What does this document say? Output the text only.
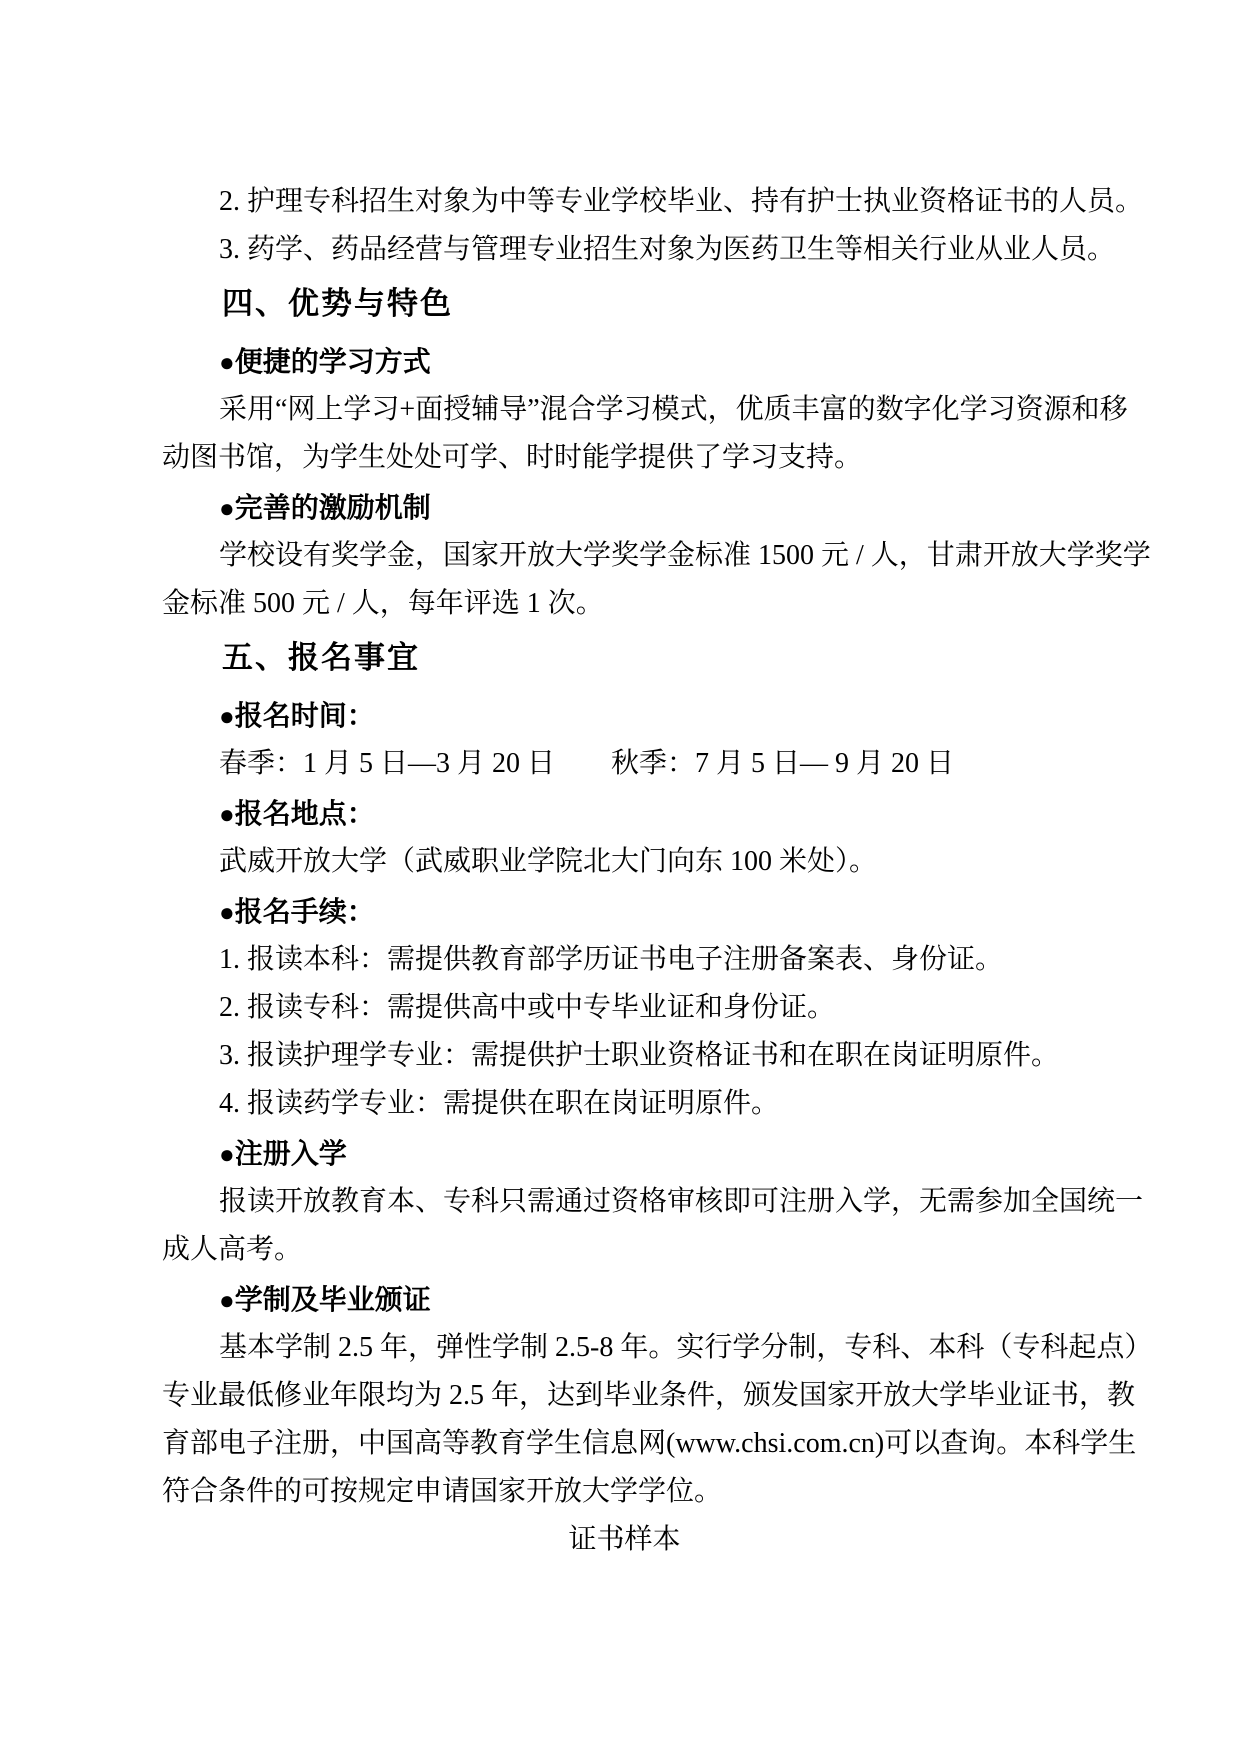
2. 护理专科招生对象为中等专业学校毕业、持有护士执业资格证书的人员。
3. 药学、药品经营与管理专业招生对象为医药卫生等相关行业从业人员。
四、优势与特色
●便捷的学习方式
采用“网上学习+面授辅导”混合学习模式，优质丰富的数字化学习资源和移
动图书馆，为学生处处可学、时时能学提供了学习支持。
●完善的激励机制
学校设有奖学金，国家开放大学奖学金标准 1500 元 / 人，甘肃开放大学奖学
金标准 500 元 / 人，每年评选 1 次。
五、报名事宜
●报名时间：
春季：1 月 5 日—3 月 20 日　　秋季：7 月 5 日— 9 月 20 日
●报名地点：
武威开放大学（武威职业学院北大门向东 100 米处）。
●报名手续：
1. 报读本科：需提供教育部学历证书电子注册备案表、身份证。
2. 报读专科：需提供高中或中专毕业证和身份证。
3. 报读护理学专业：需提供护士职业资格证书和在职在岗证明原件。
4. 报读药学专业：需提供在职在岗证明原件。
●注册入学
报读开放教育本、专科只需通过资格审核即可注册入学，无需参加全国统一
成人高考。
●学制及毕业颁证
基本学制 2.5 年，弹性学制 2.5-8 年。实行学分制，专科、本科（专科起点）
专业最低修业年限均为 2.5 年，达到毕业条件，颁发国家开放大学毕业证书，教
育部电子注册，中国高等教育学生信息网(www.chsi.com.cn)可以查询。本科学生
符合条件的可按规定申请国家开放大学学位。
证书样本
